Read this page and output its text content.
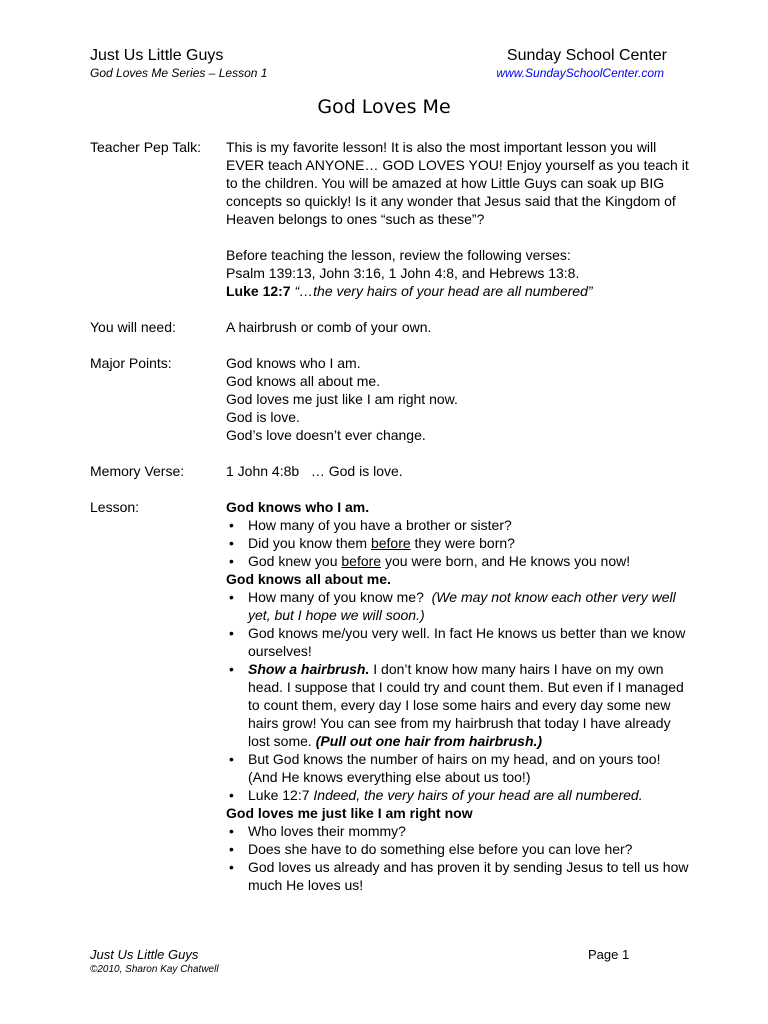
Just Us Little Guys
God Loves Me Series – Lesson 1
Sunday School Center
www.SundaySchoolCenter.com
God Loves Me
Teacher Pep Talk:	This is my favorite lesson! It is also the most important lesson you will EVER teach ANYONE… GOD LOVES YOU! Enjoy yourself as you teach it to the children. You will be amazed at how Little Guys can soak up BIG concepts so quickly! Is it any wonder that Jesus said that the Kingdom of Heaven belongs to ones “such as these”?
Before teaching the lesson, review the following verses:
Psalm 139:13, John 3:16, 1 John 4:8, and Hebrews 13:8.
Luke 12:7 “…the very hairs of your head are all numbered”
You will need:	A hairbrush or comb of your own.
Major Points:	God knows who I am.
God knows all about me.
God loves me just like I am right now.
God is love.
God’s love doesn’t ever change.
Memory Verse:	1 John 4:8b   … God is love.
Lesson:	God knows who I am.
• How many of you have a brother or sister?
• Did you know them before they were born?
• God knew you before you were born, and He knows you now!
God knows all about me.
• How many of you know me?  (We may not know each other very well yet, but I hope we will soon.)
• God knows me/you very well. In fact He knows us better than we know ourselves!
• Show a hairbrush. I don’t know how many hairs I have on my own head. I suppose that I could try and count them. But even if I managed to count them, every day I lose some hairs and every day some new hairs grow! You can see from my hairbrush that today I have already lost some. (Pull out one hair from hairbrush.)
• But God knows the number of hairs on my head, and on yours too! (And He knows everything else about us too!)
• Luke 12:7 Indeed, the very hairs of your head are all numbered.
God loves me just like I am right now
• Who loves their mommy?
• Does she have to do something else before you can love her?
• God loves us already and has proven it by sending Jesus to tell us how much He loves us!
Just Us Little Guys
©2010, Sharon Kay Chatwell
Page 1
